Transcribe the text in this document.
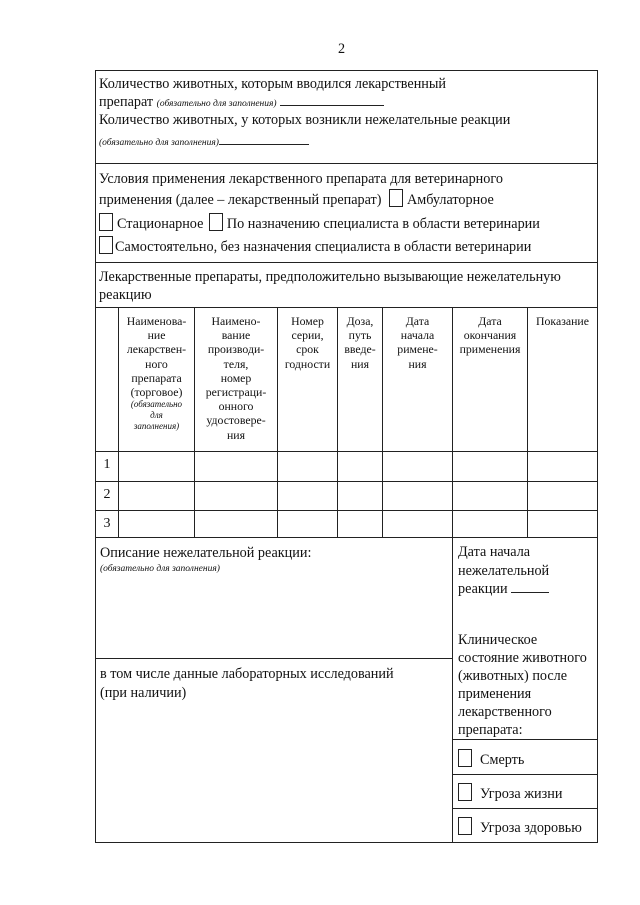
2
Количество животных, которым вводился лекарственный
препарат (обязательно для заполнения)
Количество животных, у которых возникли нежелательные реакции
(обязательно для заполнения)
Условия применения лекарственного препарата для ветеринарного
применения (далее – лекарственный препарат) Амбулаторное
Стационарное По назначению специалиста в области ветеринарии
Самостоятельно, без назначения специалиста в области ветеринарии
Лекарственные препараты, предположительно вызывающие нежелательную
реакцию
Наименова-
ние
лекарствен-
ного
препарата
(торговое)
(обязательно
для
заполнения)
Наимено-
вание
производи-
теля,
номер
регистраци-
онного
удостовере-
ния
Номер
серии,
срок
годности
Доза,
путь
введе-
ния
Дата
начала
римене-
ния
Дата
окончания
применения
Показание
1
2
3
Описание нежелательной реакции:
(обязательно для заполнения)
в том числе данные лабораторных исследований
(при наличии)
Дата начала
нежелательной
реакции
Клиническое
состояние животного
(животных) после
применения
лекарственного
препарата:
Смерть
Угроза жизни
Угроза здоровью
